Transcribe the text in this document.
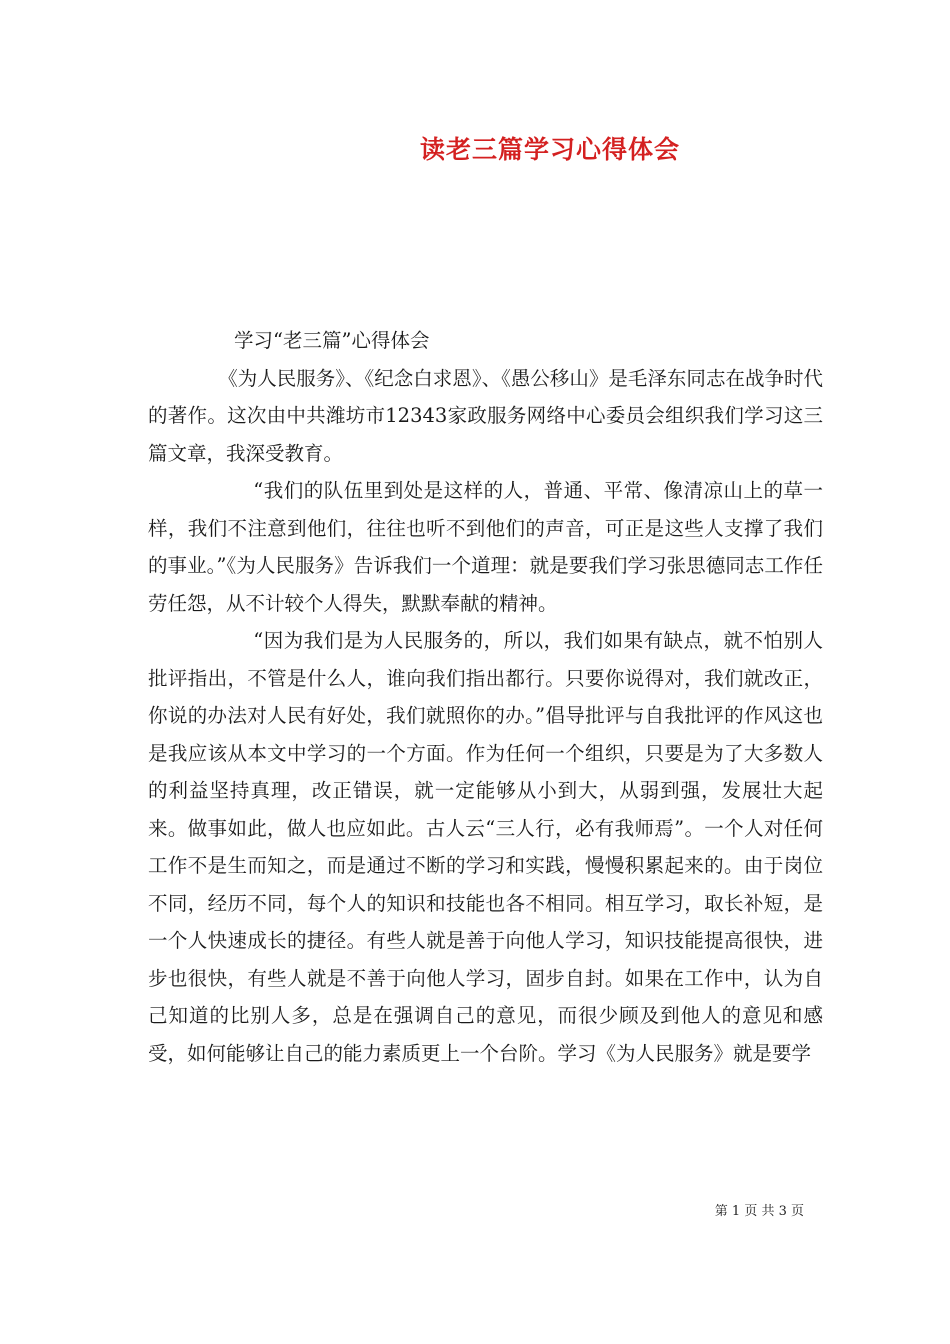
读老三篇学习心得体会

学习“老三篇”心得体会

《为人民服务》、《纪念白求恩》、《愚公移山》是毛泽东同志在战争时代的著作。这次由中共潍坊市12343家政服务网络中心委员会组织我们学习这三篇文章，我深受教育。

“我们的队伍里到处是这样的人，普通、平常、像清凉山上的草一样，我们不注意到他们，往往也听不到他们的声音，可正是这些人支撑了我们的事业。”《为人民服务》告诉我们一个道理：就是要我们学习张思德同志工作任劳任怨，从不计较个人得失，默默奉献的精神。

“因为我们是为人民服务的，所以，我们如果有缺点，就不怕别人批评指出，不管是什么人，谁向我们指出都行。只要你说得对，我们就改正，你说的办法对人民有好处，我们就照你的办。”倡导批评与自我批评的作风这也是我应该从本文中学习的一个方面。作为任何一个组织，只要是为了大多数人的利益坚持真理，改正错误，就一定能够从小到大，从弱到强，发展壮大起来。做事如此，做人也应如此。古人云“三人行，必有我师焉”。一个人对任何工作不是生而知之，而是通过不断的学习和实践，慢慢积累起来的。由于岗位不同，经历不同，每个人的知识和技能也各不相同。相互学习，取长补短，是一个人快速成长的捷径。有些人就是善于向他人学习，知识技能提高很快，进步也很快，有些人就是不善于向他人学习，固步自封。如果在工作中，认为自己知道的比别人多，总是在强调自己的意见，而很少顾及到他人的意见和感受，如何能够让自己的能力素质更上一个台阶。学习《为人民服务》就是要学

第 1 页 共 3 页
